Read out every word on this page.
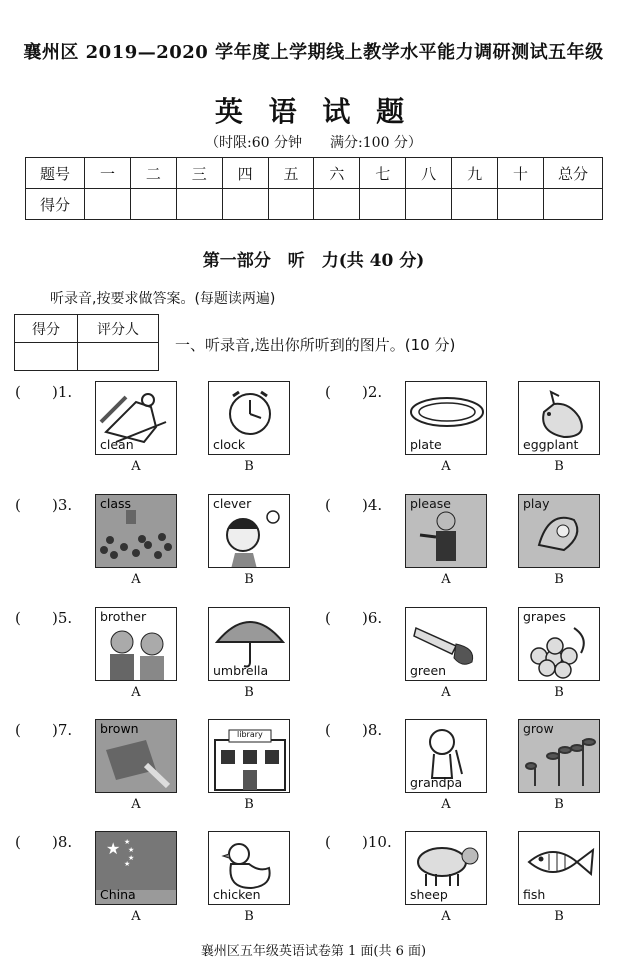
襄州区 2019—2020 学年度上学期线上教学水平能力调研测试五年级
英 语 试 题
（时限:60 分钟　　满分:100 分）
题号	一	二	三	四	五	六	七	八	九	十	总分
得分											
第一部分　听　力(共 40 分)
听录音,按要求做答案。(每题读两遍)
得分	评分人

一、听录音,选出你所听到的图片。(10 分)
( )1.
clean
A
clock
B
( )2.
plate
A
eggplant
B
( )3. class
A
clever
B
( )4. please
A
play
B
( )5. brother
A
umbrella
B
( )6.
green
A
grapes
B
( )7. brown
A
library
B
( )8.
grandpa
A
grow
B
( )8. ★ ★
★
★
★
China
A
chicken
B
( )10.
sheep
A
fish
B
襄州区五年级英语试卷第 1 面(共 6 面)
